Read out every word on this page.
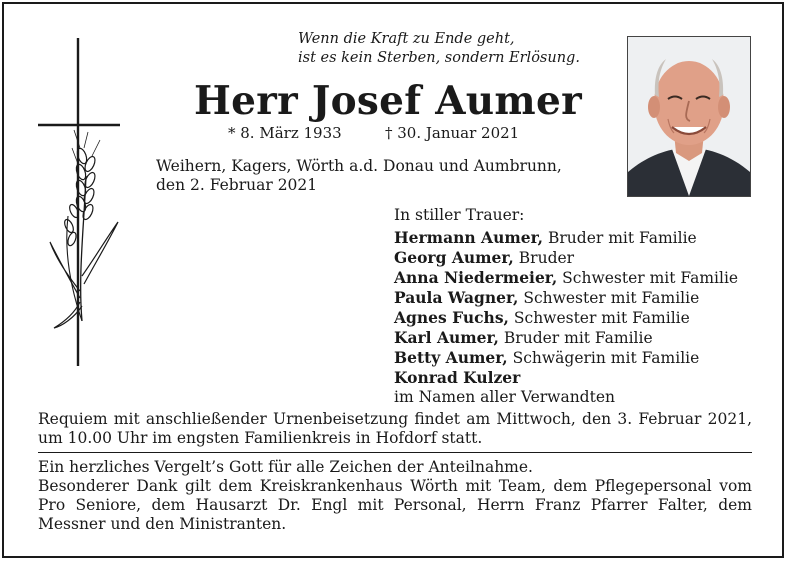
Wenn die Kraft zu Ende geht,
ist es kein Sterben, sondern Erlösung.
Herr Josef Aumer
* 8. März 1933	† 30. Januar 2021
Weihern, Kagers, Wörth a.d. Donau und Aumbrunn,
den 2. Februar 2021
In stiller Trauer:
Hermann Aumer, Bruder mit Familie
Georg Aumer, Bruder
Anna Niedermeier, Schwester mit Familie
Paula Wagner, Schwester mit Familie
Agnes Fuchs, Schwester mit Familie
Karl Aumer, Bruder mit Familie
Betty Aumer, Schwägerin mit Familie
Konrad Kulzer
im Namen aller Verwandten
Requiem mit anschließender Urnenbeisetzung findet am Mittwoch, den 3. Februar 2021, um 10.00 Uhr im engsten Familienkreis in Hofdorf statt.

Ein herzliches Vergelt’s Gott für alle Zeichen der Anteilnahme.

Besonderer Dank gilt dem Kreiskrankenhaus Wörth mit Team, dem Pflegepersonal vom Pro Seniore, dem Hausarzt Dr. Engl mit Personal, Herrn Franz Pfarrer Falter, dem Messner und den Ministranten.
